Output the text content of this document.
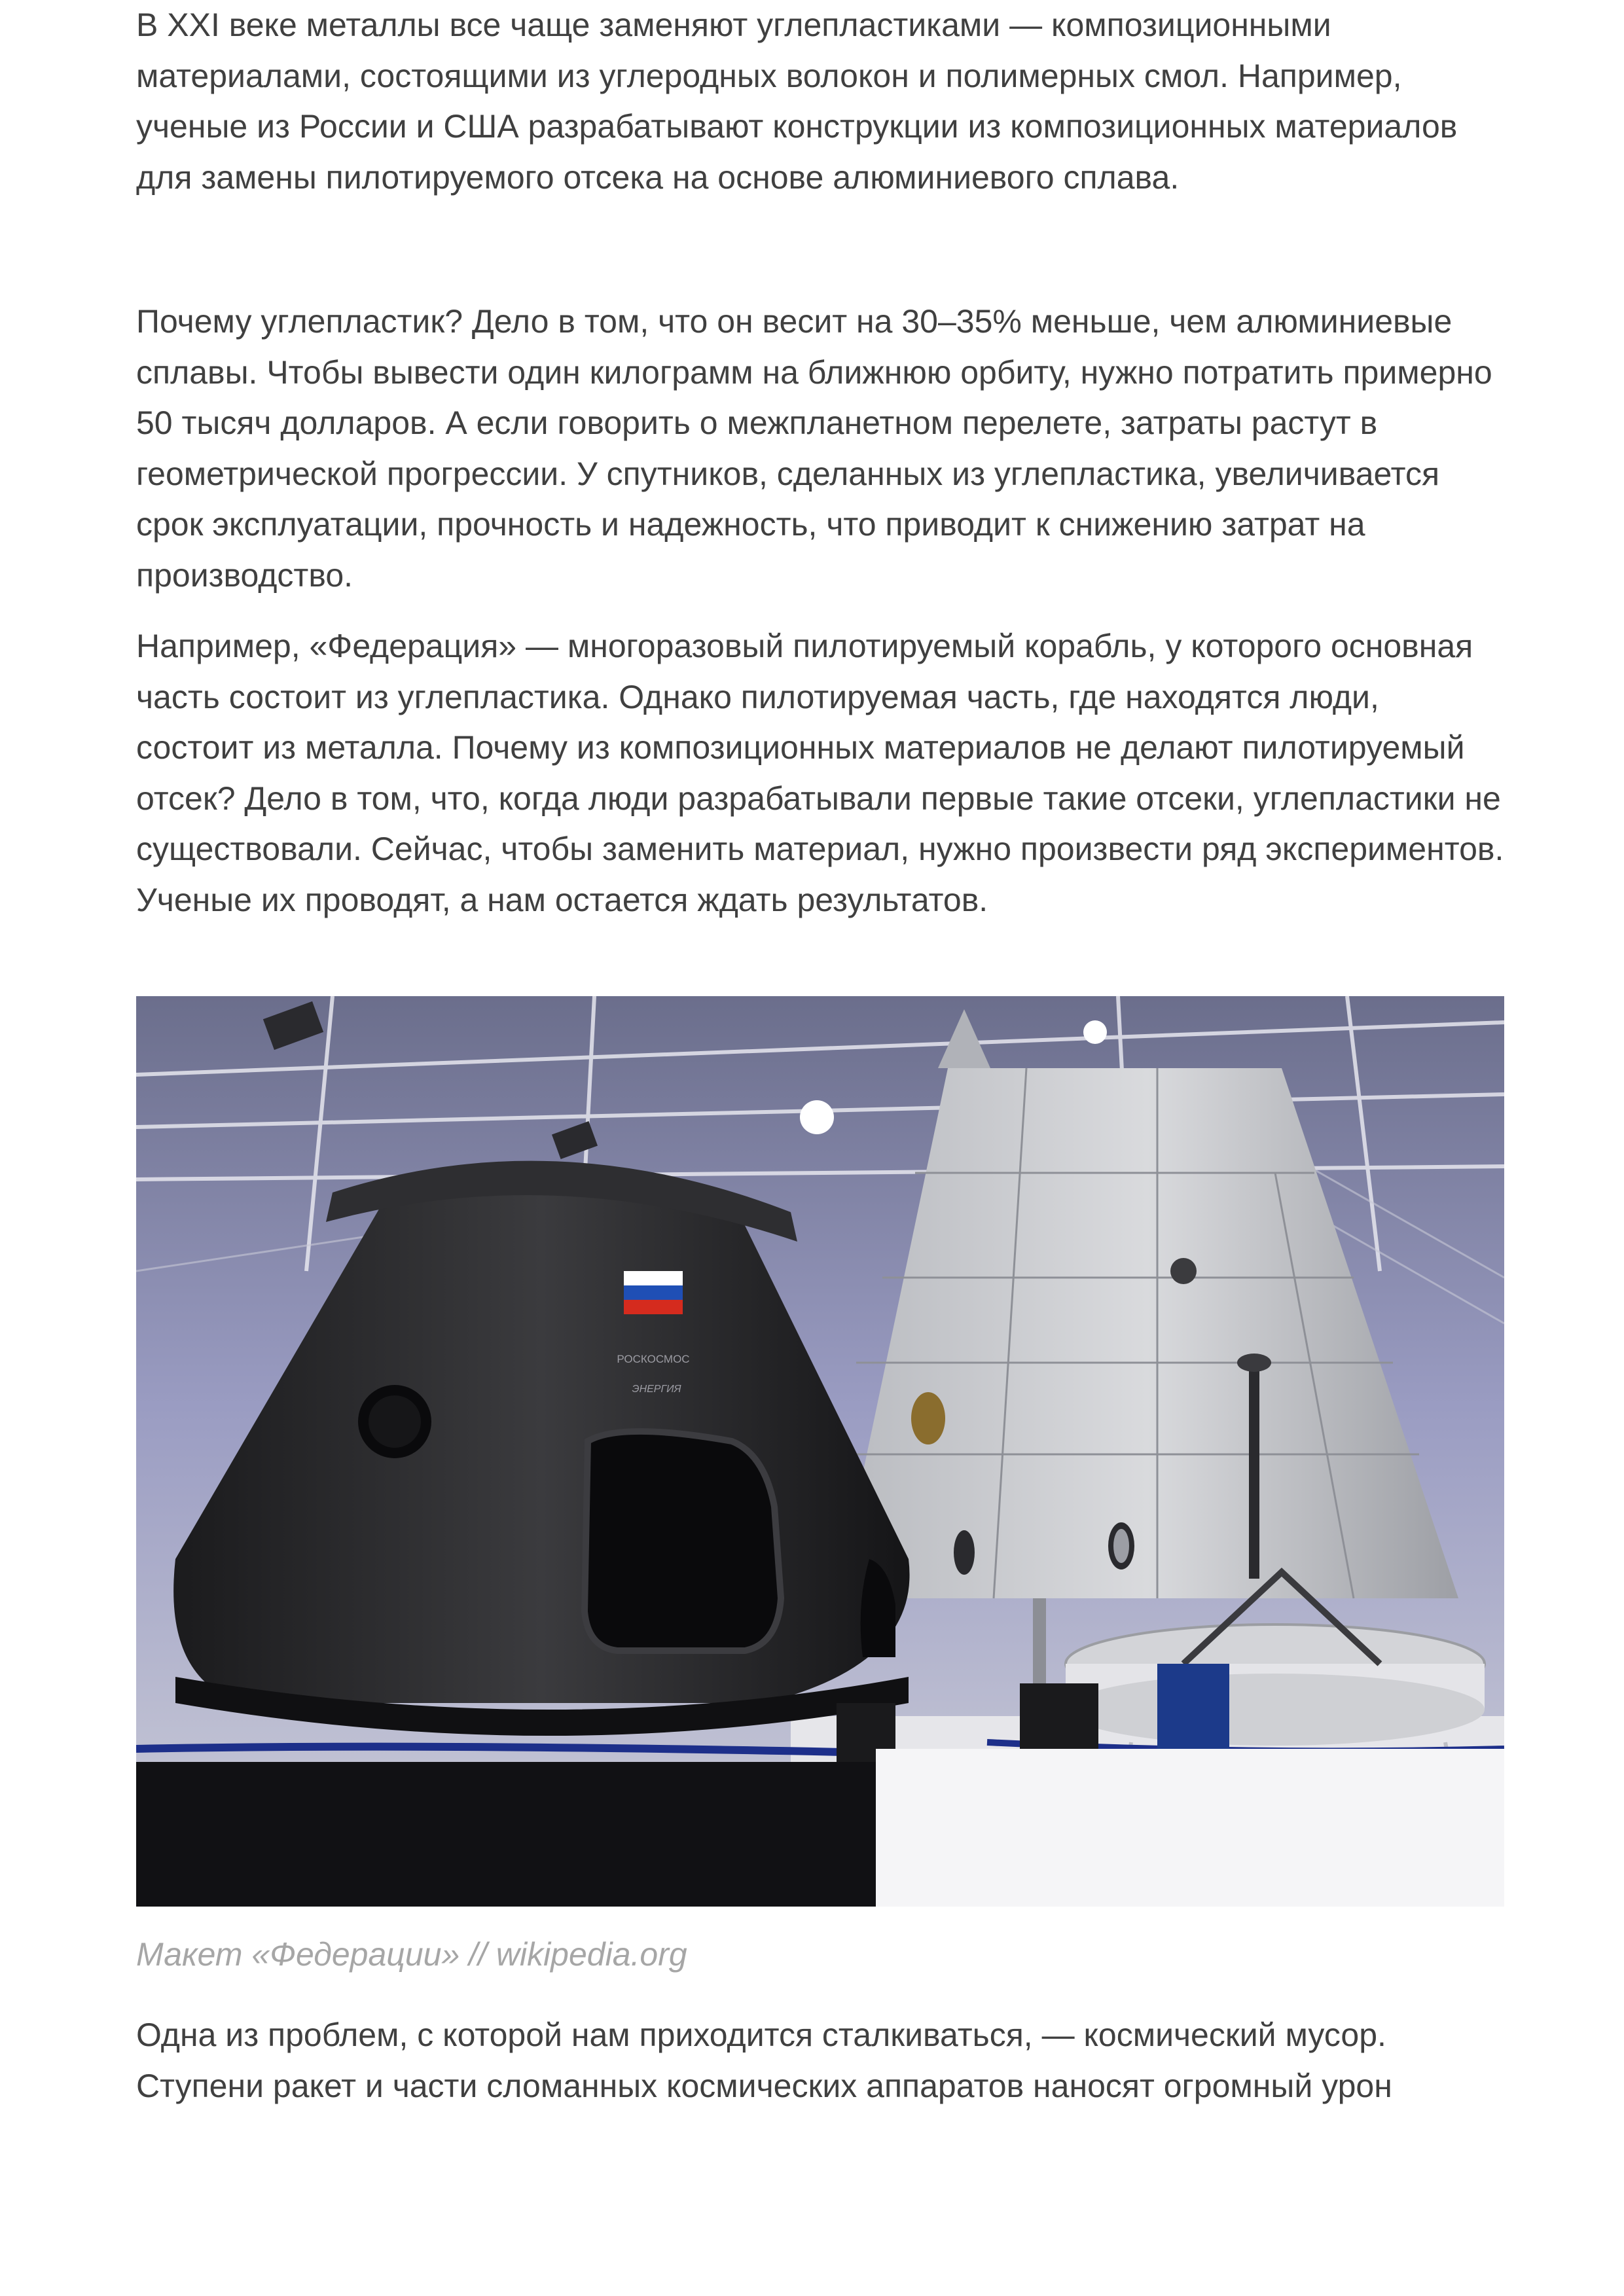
В XXI веке металлы все чаще заменяют углепластиками — композиционными материалами, состоящими из углеродных волокон и полимерных смол. Например, ученые из России и США разрабатывают конструкции из композиционных материалов для замены пилотируемого отсека на основе алюминиевого сплава.

Почему углепластик? Дело в том, что он весит на 30–35% меньше, чем алюминиевые сплавы. Чтобы вывести один килограмм на ближнюю орбиту, нужно потратить примерно 50 тысяч долларов. А если говорить о межпланетном перелете, затраты растут в геометрической прогрессии. У спутников, сделанных из углепластика, увеличивается срок эксплуатации, прочность и надежность, что приводит к снижению затрат на производство.

Например, «Федерация» — многоразовый пилотируемый корабль, у которого основная часть состоит из углепластика. Однако пилотируемая часть, где находятся люди, состоит из металла. Почему из композиционных материалов не делают пилотируемый отсек? Дело в том, что, когда люди разрабатывали первые такие отсеки, углепластики не существовали. Сейчас, чтобы заменить материал, нужно произвести ряд экспериментов. Ученые их проводят, а нам остается ждать результатов.

РОСКОСМОС
ЭНЕРГИЯ
Макет «Федерации» // wikipedia.org

Одна из проблем, с которой нам приходится сталкиваться, — космический мусор. Ступени ракет и части сломанных космических аппаратов наносят огромный урон
